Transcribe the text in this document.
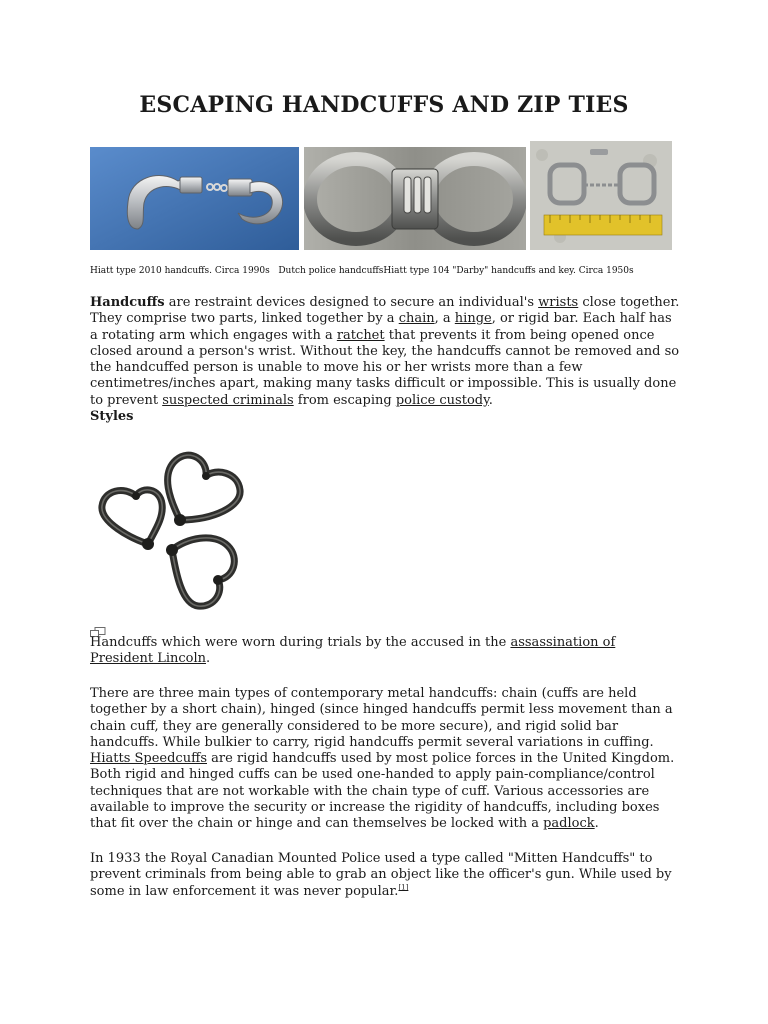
ESCAPING HANDCUFFS AND ZIP TIES
Hiatt type 2010 handcuffs. Circa 1990s Dutch police handcuffsHiatt type 104 "Darby" handcuffs and key. Circa 1950s

Handcuffs are restraint devices designed to secure an individual's wrists close together. They comprise two parts, linked together by a chain, a hinge, or rigid bar. Each half has a rotating arm which engages with a ratchet that prevents it from being opened once closed around a person's wrist. Without the key, the handcuffs cannot be removed and so the handcuffed person is unable to move his or her wrists more than a few centimetres/inches apart, making many tasks difficult or impossible. This is usually done to prevent suspected criminals from escaping police custody.

Styles

Handcuffs which were worn during trials by the accused in the assassination of President Lincoln.

There are three main types of contemporary metal handcuffs: chain (cuffs are held together by a short chain), hinged (since hinged handcuffs permit less movement than a chain cuff, they are generally considered to be more secure), and rigid solid bar handcuffs. While bulkier to carry, rigid handcuffs permit several variations in cuffing. Hiatts Speedcuffs are rigid handcuffs used by most police forces in the United Kingdom. Both rigid and hinged cuffs can be used one-handed to apply pain-compliance/control techniques that are not workable with the chain type of cuff. Various accessories are available to improve the security or increase the rigidity of handcuffs, including boxes that fit over the chain or hinge and can themselves be locked with a padlock.

In 1933 the Royal Canadian Mounted Police used a type called "Mitten Handcuffs" to prevent criminals from being able to grab an object like the officer's gun. While used by some in law enforcement it was never popular.[1]
